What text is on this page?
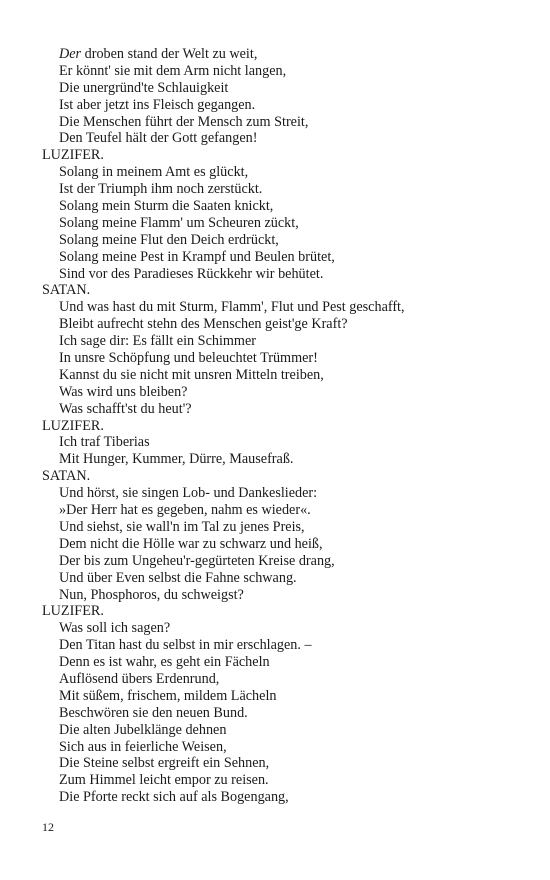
Der droben stand der Welt zu weit,
Er könnt' sie mit dem Arm nicht langen,
Die unergründ'te Schlauigkeit
Ist aber jetzt ins Fleisch gegangen.
Die Menschen führt der Mensch zum Streit,
Den Teufel hält der Gott gefangen!
LUZIFER.
Solang in meinem Amt es glückt,
Ist der Triumph ihm noch zerstückt.
Solang mein Sturm die Saaten knickt,
Solang meine Flamm' um Scheuren zückt,
Solang meine Flut den Deich erdrückt,
Solang meine Pest in Krampf und Beulen brütet,
Sind vor des Paradieses Rückkehr wir behütet.
SATAN.
Und was hast du mit Sturm, Flamm', Flut und Pest geschafft,
Bleibt aufrecht stehn des Menschen geist'ge Kraft?
Ich sage dir: Es fällt ein Schimmer
In unsre Schöpfung und beleuchtet Trümmer!
Kannst du sie nicht mit unsren Mitteln treiben,
Was wird uns bleiben?
Was schafft'st du heut'?
LUZIFER.
Ich traf Tiberias
Mit Hunger, Kummer, Dürre, Mausefraß.
SATAN.
Und hörst, sie singen Lob- und Dankeslieder:
»Der Herr hat es gegeben, nahm es wieder«.
Und siehst, sie wall'n im Tal zu jenes Preis,
Dem nicht die Hölle war zu schwarz und heiß,
Der bis zum Ungeheu'r-gegürteten Kreise drang,
Und über Even selbst die Fahne schwang.
Nun, Phosphoros, du schweigst?
LUZIFER.
Was soll ich sagen?
Den Titan hast du selbst in mir erschlagen. –
Denn es ist wahr, es geht ein Fächeln
Auflösend übers Erdenrund,
Mit süßem, frischem, mildem Lächeln
Beschwören sie den neuen Bund.
Die alten Jubelklänge dehnen
Sich aus in feierliche Weisen,
Die Steine selbst ergreift ein Sehnen,
Zum Himmel leicht empor zu reisen.
Die Pforte reckt sich auf als Bogengang,
12
